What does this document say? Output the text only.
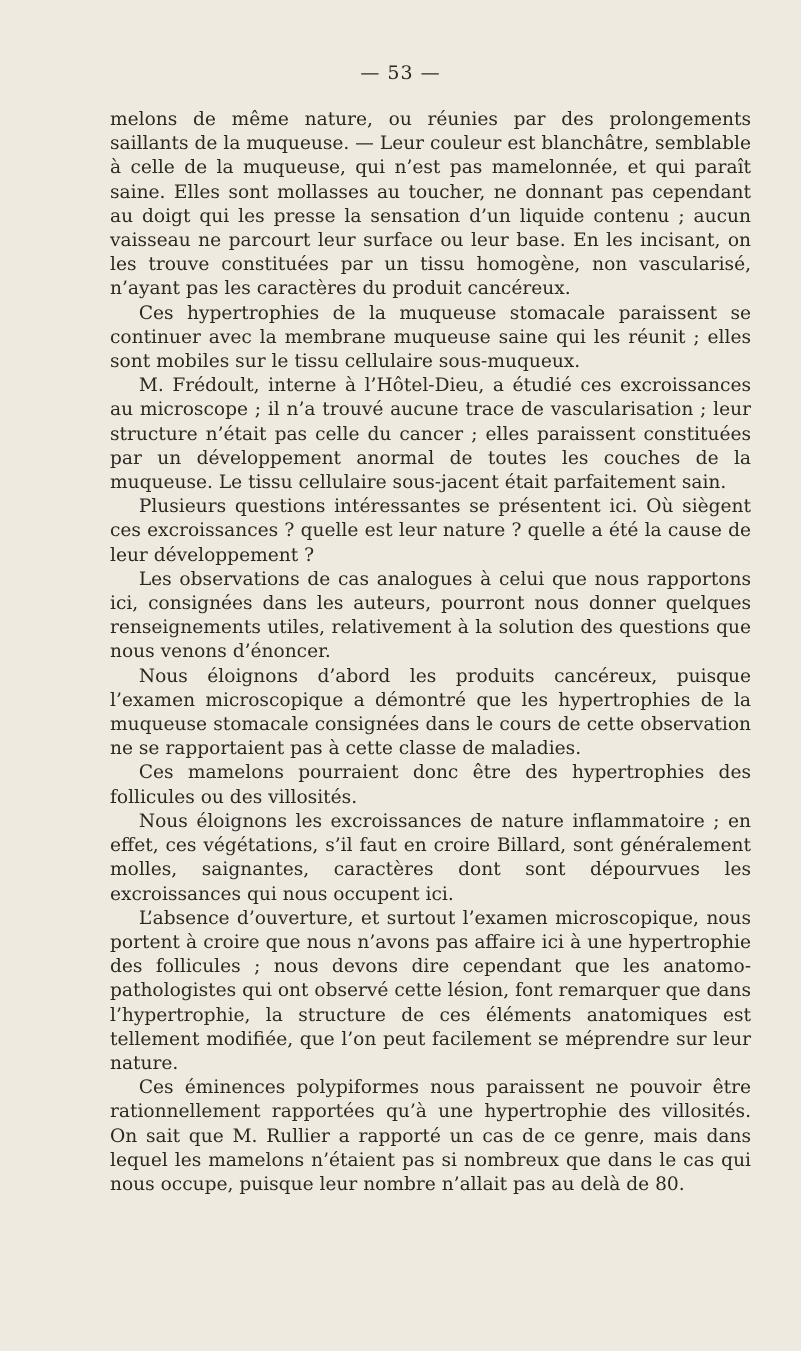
— 53 —

melons de même nature, ou réunies par des prolongements saillants de la muqueuse. — Leur couleur est blanchâtre, semblable à celle de la muqueuse, qui n’est pas mamelonnée, et qui paraît saine. Elles sont mollasses au toucher, ne donnant pas cependant au doigt qui les presse la sensation d’un liquide contenu ; aucun vaisseau ne parcourt leur surface ou leur base. En les incisant, on les trouve constituées par un tissu homogène, non vascularisé, n’ayant pas les caractères du produit cancéreux.

Ces hypertrophies de la muqueuse stomacale paraissent se continuer avec la membrane muqueuse saine qui les réunit ; elles sont mobiles sur le tissu cellulaire sous-muqueux.

M. Frédoult, interne à l’Hôtel-Dieu, a étudié ces excroissances au microscope ; il n’a trouvé aucune trace de vascularisation ; leur structure n’était pas celle du cancer ; elles paraissent constituées par un développement anormal de toutes les couches de la muqueuse. Le tissu cellulaire sous-jacent était parfaitement sain.

Plusieurs questions intéressantes se présentent ici. Où siègent ces excroissances ? quelle est leur nature ? quelle a été la cause de leur développement ?

Les observations de cas analogues à celui que nous rapportons ici, consignées dans les auteurs, pourront nous donner quelques renseignements utiles, relativement à la solution des questions que nous venons d’énoncer.

Nous éloignons d’abord les produits cancéreux, puisque l’examen microscopique a démontré que les hypertrophies de la muqueuse stomacale consignées dans le cours de cette observation ne se rapportaient pas à cette classe de maladies.

Ces mamelons pourraient donc être des hypertrophies des follicules ou des villosités.

Nous éloignons les excroissances de nature inflammatoire ; en effet, ces végétations, s’il faut en croire Billard, sont généralement molles, saignantes, caractères dont sont dépourvues les excroissances qui nous occupent ici.

L’absence d’ouverture, et surtout l’examen microscopique, nous portent à croire que nous n’avons pas affaire ici à une hypertrophie des follicules ; nous devons dire cependant que les anatomo-pathologistes qui ont observé cette lésion, font remarquer que dans l’hypertrophie, la structure de ces éléments anatomiques est tellement modifiée, que l’on peut facilement se méprendre sur leur nature.

Ces éminences polypiformes nous paraissent ne pouvoir être rationnellement rapportées qu’à une hypertrophie des villosités. On sait que M. Rullier a rapporté un cas de ce genre, mais dans lequel les mamelons n’étaient pas si nombreux que dans le cas qui nous occupe, puisque leur nombre n’allait pas au delà de 80.
